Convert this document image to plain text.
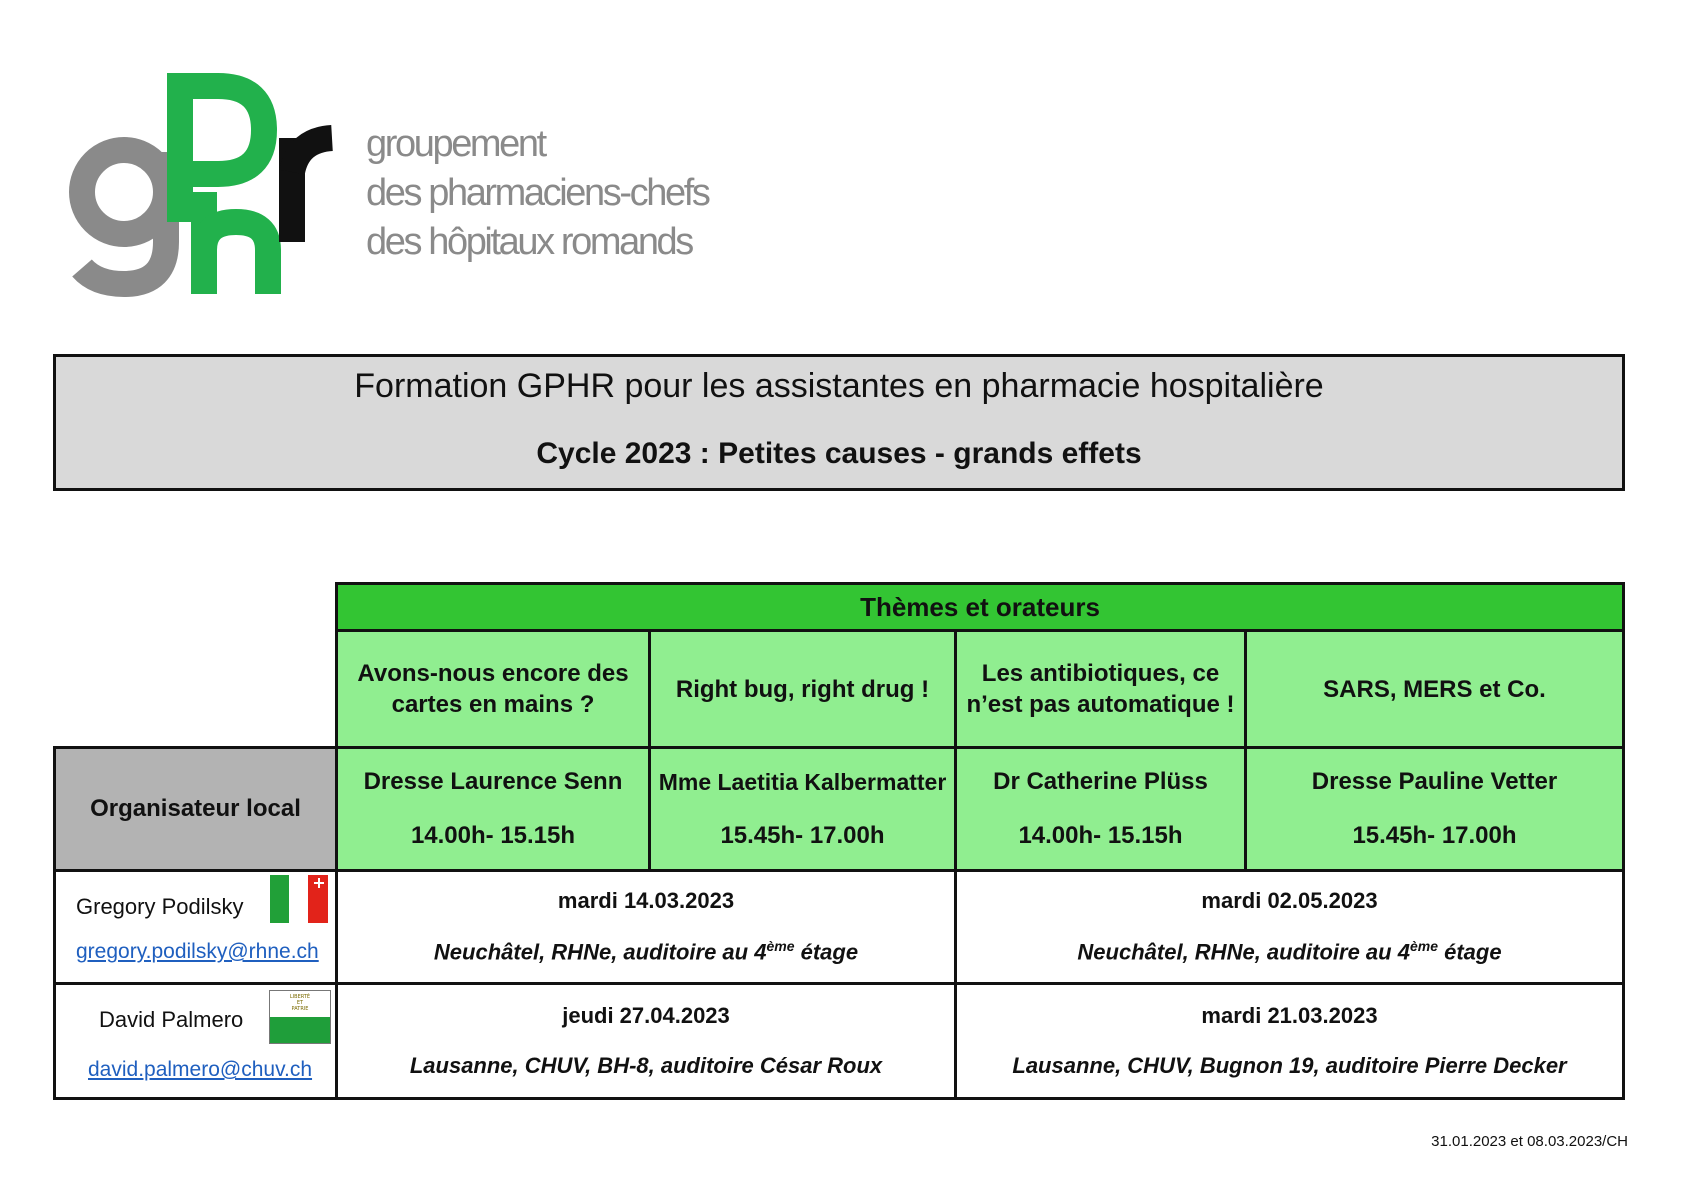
groupement
des pharmaciens-chefs
des hôpitaux romands
Formation GPHR pour les assistantes en pharmacie hospitalière
Cycle 2023 : Petites causes - grands effets
Thèmes et orateurs
Avons-nous encore des cartes en mains ?
Right bug, right drug !
Les antibiotiques, ce n’est pas automatique !
SARS, MERS et Co.
Organisateur local
Dresse Laurence Senn
14.00h- 15.15h
Mme Laetitia Kalbermatter
15.45h- 17.00h
Dr Catherine Plüss
14.00h- 15.15h
Dresse Pauline Vetter
15.45h- 17.00h
Gregory Podilsky
gregory.podilsky@rhne.ch
mardi 14.03.2023
Neuchâtel, RHNe, auditoire au 4ème étage
mardi 02.05.2023
Neuchâtel, RHNe, auditoire au 4ème étage
David Palmero
david.palmero@chuv.ch
LIBERTÉ
ET
PATRIE	jeudi 27.04.2023
Lausanne, CHUV, BH-8, auditoire César Roux
mardi 21.03.2023
Lausanne, CHUV, Bugnon 19, auditoire Pierre Decker
31.01.2023 et 08.03.2023/CH
